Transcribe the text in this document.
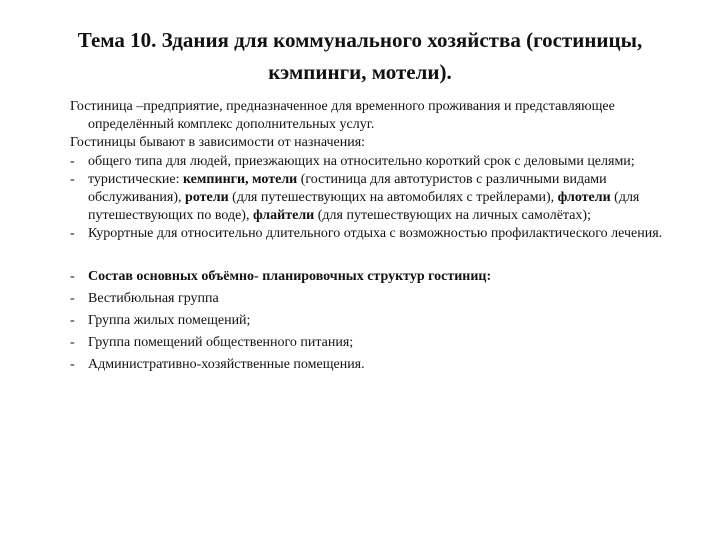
Тема 10. Здания для коммунального хозяйства (гостиницы,
кэмпинги, мотели).

Гостиница –предприятие, предназначенное для временного проживания и представляющее определённый комплекс дополнительных услуг.

Гостиницы бывают в зависимости от назначения:

- общего типа для людей, приезжающих на относительно короткий срок с деловыми целями;

- туристические: кемпинги, мотели (гостиница для автотуристов с различными видами обслуживания), ротели (для путешествующих на автомобилях с трейлерами), флотели (для путешествующих по воде), флайтели (для путешествующих на личных самолётах);

- Курортные для относительно длительного отдыха с возможностью профилактического лечения.

- Состав основных объёмно- планировочных структур гостиниц:

- Вестибюльная группа

- Группа жилых помещений;

- Группа помещений общественного питания;

- Административно-хозяйственные помещения.
